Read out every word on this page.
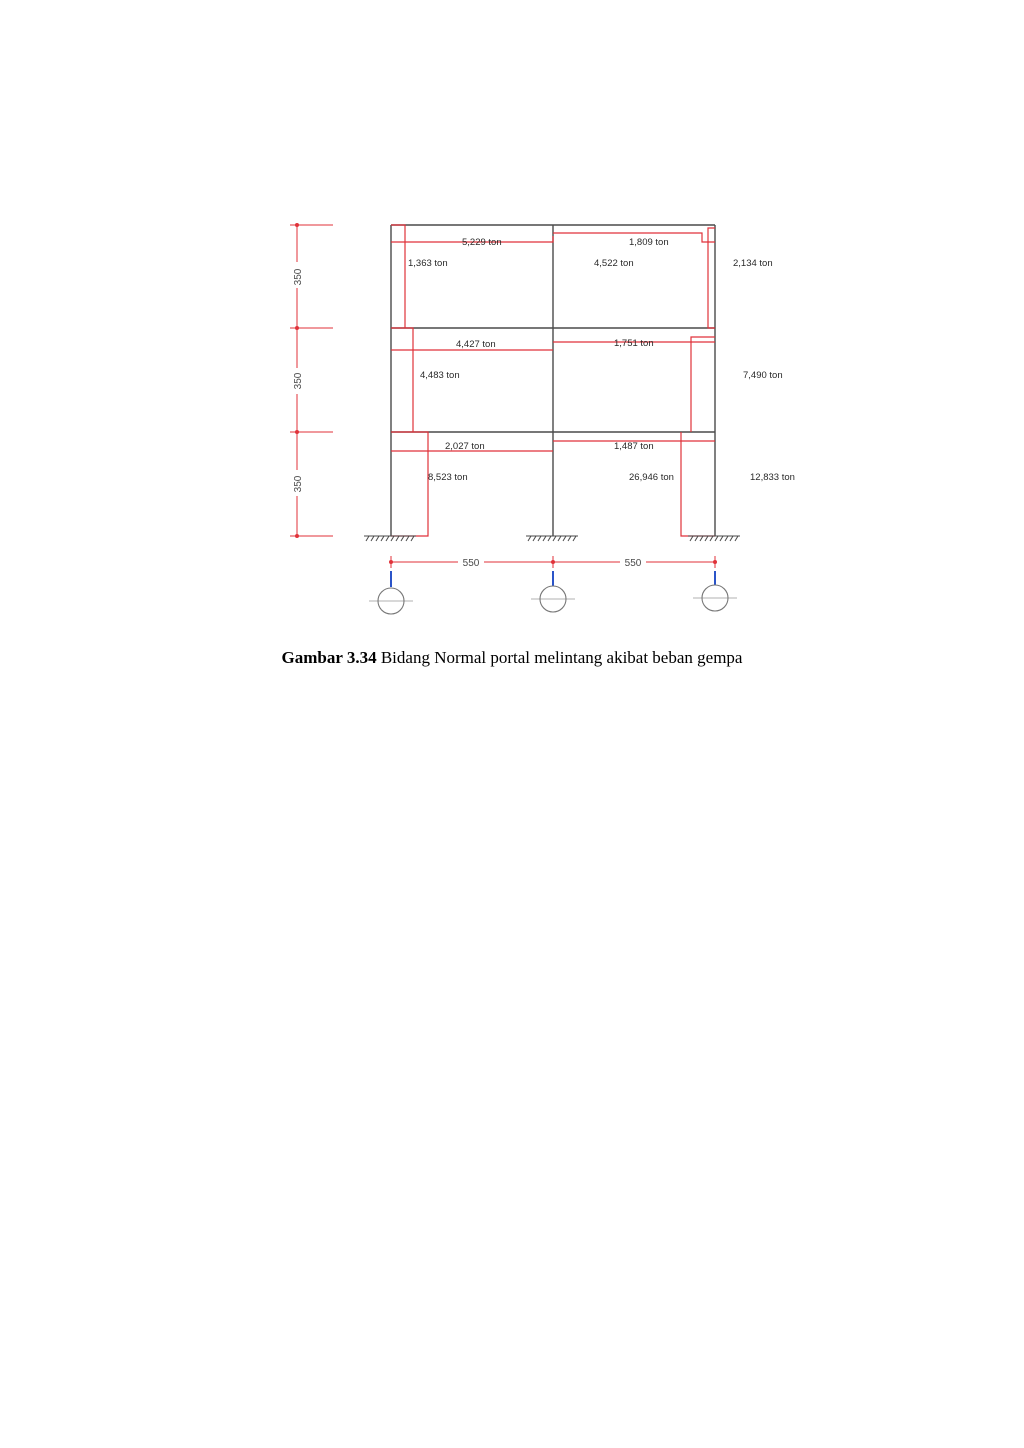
350
350
350
550	550
5,229 ton	1,809 ton
1,363 ton	4,522 ton	2,134 ton
4,427 ton	1,751 ton
4,483 ton	7,490 ton
2,027 ton	1,487 ton
8,523 ton	26,946 ton	12,833 ton
Gambar 3.34 Bidang Normal portal melintang akibat beban gempa
